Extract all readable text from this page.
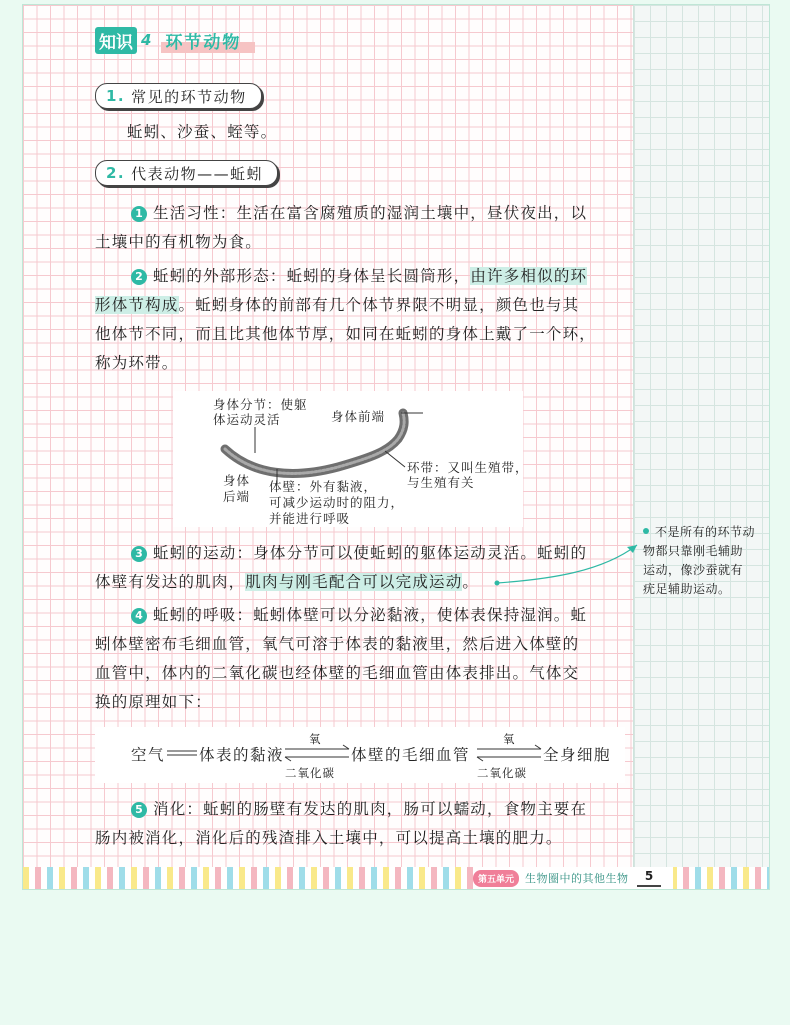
知识 4 环节动物
1. 常见的环节动物
蚯蚓、沙蚕、蛭等。
2. 代表动物——蚯蚓
1 生活习性：生活在富含腐殖质的湿润土壤中，昼伏夜出，以
土壤中的有机物为食。
2 蚯蚓的外部形态：蚯蚓的身体呈长圆筒形，由许多相似的环
形体节构成。蚯蚓身体的前部有几个体节界限不明显，颜色也与其
他体节不同，而且比其他体节厚，如同在蚯蚓的身体上戴了一个环，
称为环带。
身体分节：使躯
体运动灵活	身体前端
环带：又叫生殖带，
与生殖有关
身体
后端
体壁：外有黏液，
可减少运动时的阻力，
并能进行呼吸
3 蚯蚓的运动：身体分节可以使蚯蚓的躯体运动灵活。蚯蚓的
体壁有发达的肌肉，肌肉与刚毛配合可以完成运动。
4 蚯蚓的呼吸：蚯蚓体壁可以分泌黏液，使体表保持湿润。蚯
蚓体壁密布毛细血管，氧气可溶于体表的黏液里，然后进入体壁的
血管中，体内的二氧化碳也经体壁的毛细血管由体表排出。气体交
换的原理如下：
空气 体表的黏液	体壁的毛细血管	全身细胞
氧
二氧化碳
氧
二氧化碳
5 消化：蚯蚓的肠壁有发达的肌肉，肠可以蠕动，食物主要在
肠内被消化，消化后的残渣排入土壤中，可以提高土壤的肥力。
不是所有的环节动物都只靠刚毛辅助运动，像沙蚕就有疣足辅助运动。
第五单元	生物圈中的其他生物	5
